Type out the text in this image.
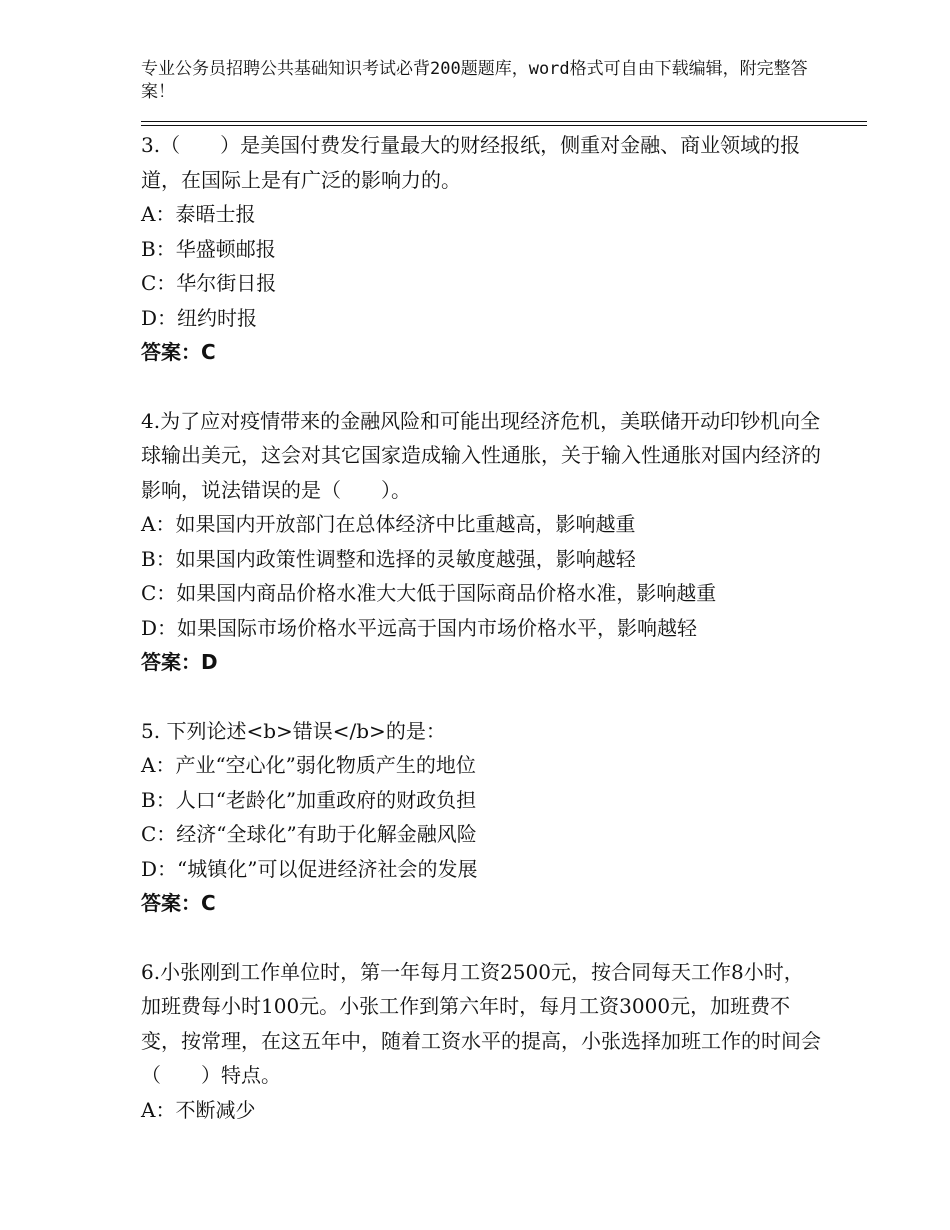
专业公务员招聘公共基础知识考试必背200题题库，word格式可自由下载编辑，附完整答案！

3.（　　）是美国付费发行量最大的财经报纸，侧重对金融、商业领域的报道，在国际上是有广泛的影响力的。

A：泰晤士报

B：华盛顿邮报

C：华尔街日报

D：纽约时报

答案：C

4.为了应对疫情带来的金融风险和可能出现经济危机，美联储开动印钞机向全球输出美元，这会对其它国家造成输入性通胀，关于输入性通胀对国内经济的影响，说法错误的是（　　）。

A：如果国内开放部门在总体经济中比重越高，影响越重

B：如果国内政策性调整和选择的灵敏度越强，影响越轻

C：如果国内商品价格水准大大低于国际商品价格水准，影响越重

D：如果国际市场价格水平远高于国内市场价格水平，影响越轻

答案：D

5. 下列论述<b>错误</b>的是：

A：产业“空心化”弱化物质产生的地位

B：人口“老龄化”加重政府的财政负担

C：经济“全球化”有助于化解金融风险

D：“城镇化”可以促进经济社会的发展

答案：C

6.小张刚到工作单位时，第一年每月工资2500元，按合同每天工作8小时，加班费每小时100元。小张工作到第六年时，每月工资3000元，加班费不变，按常理，在这五年中，随着工资水平的提高，小张选择加班工作的时间会（　　）特点。

A：不断减少
